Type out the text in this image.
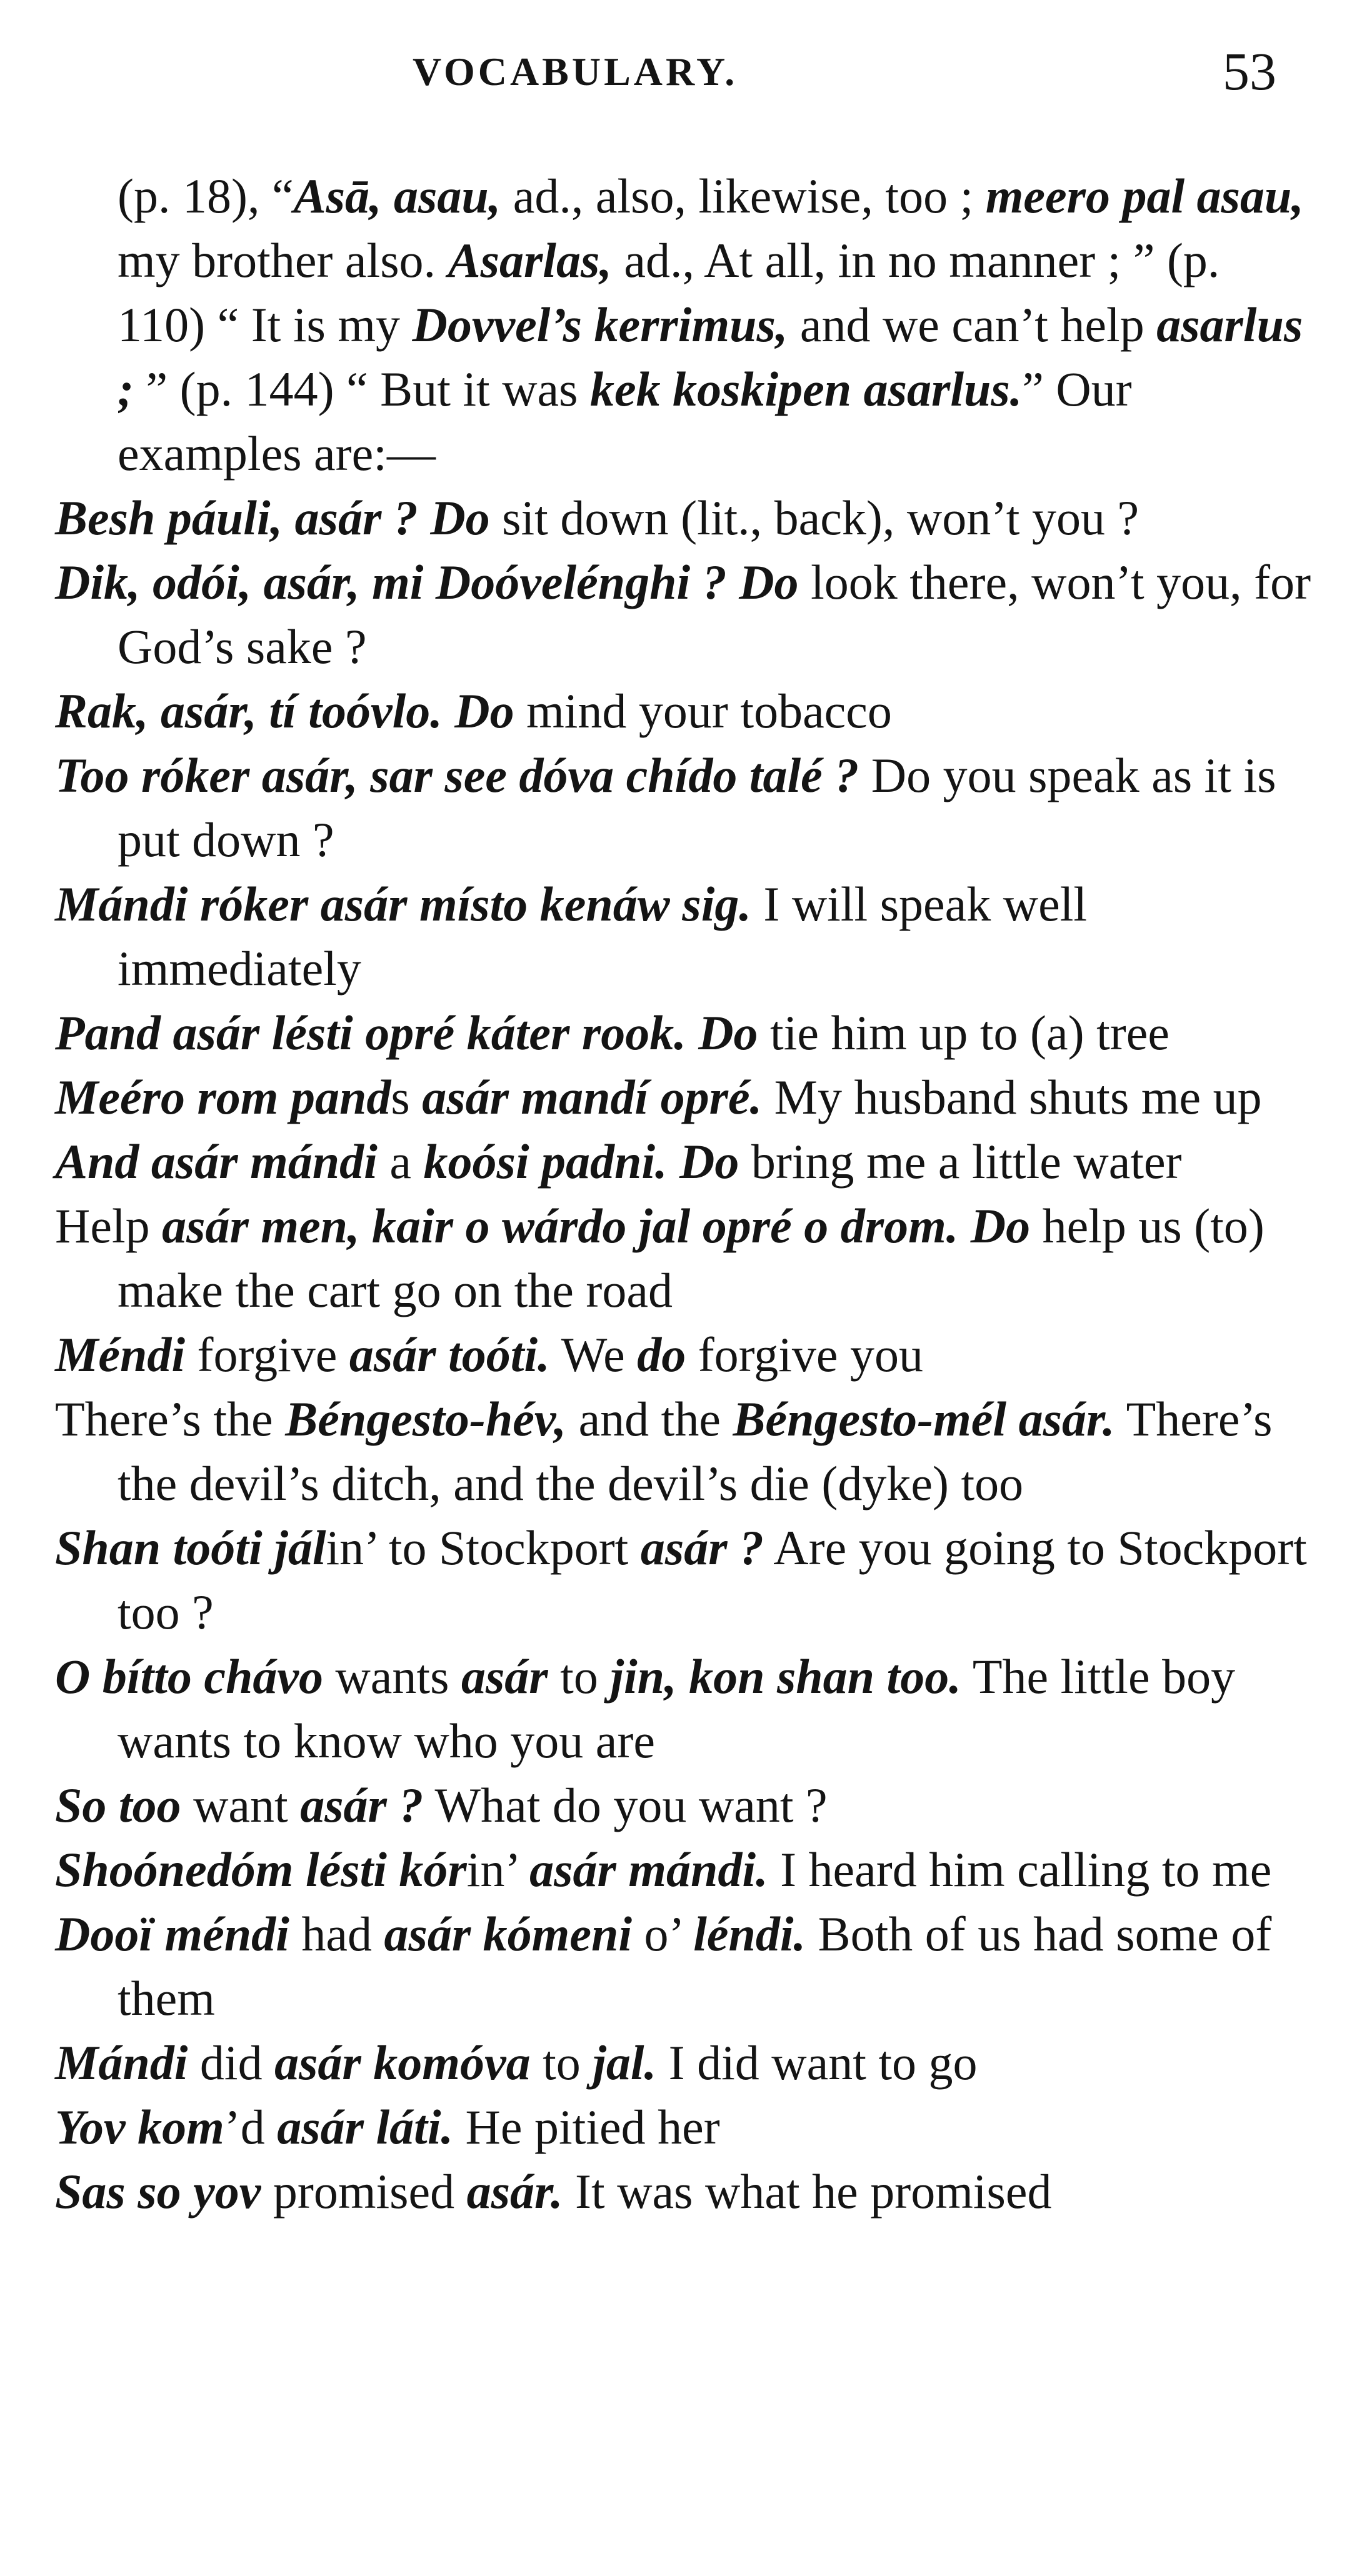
VOCABULARY.	53

(p. 18), “Asā, asau, ad., also, likewise, too ; meero pal asau, my brother also. Asarlas, ad., At all, in no manner ; ” (p. 110) “ It is my Dovvel’s kerrimus, and we can’t help asarlus ; ” (p. 144) “ But it was kek koskipen asarlus.” Our examples are:—

Besh páuli, asár ? Do sit down (lit., back), won’t you ?

Dik, odói, asár, mi Doóvelénghi ? Do look there, won’t you, for God’s sake ?

Rak, asár, tí toóvlo. Do mind your tobacco

Too róker asár, sar see dóva chído talé ? Do you speak as it is put down ?

Mándi róker asár místo kenáw sig. I will speak well immediately

Pand asár lésti opré káter rook. Do tie him up to (a) tree

Meéro rom pands asár mandí opré. My husband shuts me up

And asár mándi a koósi padni. Do bring me a little water

Help asár men, kair o wárdo jal opré o drom. Do help us (to) make the cart go on the road

Méndi forgive asár toóti. We do forgive you

There’s the Béngesto-hév, and the Béngesto-mél asár. There’s the devil’s ditch, and the devil’s die (dyke) too

Shan toóti jálin’ to Stockport asár ? Are you going to Stockport too ?

O bítto chávo wants asár to jin, kon shan too. The little boy wants to know who you are

So too want asár ? What do you want ?

Shoónedóm lésti kórin’ asár mándi. I heard him calling to me

Dooï méndi had asár kómeni o’ léndi. Both of us had some of them

Mándi did asár komóva to jal. I did want to go

Yov kom’d asár láti. He pitied her

Sas so yov promised asár. It was what he promised
